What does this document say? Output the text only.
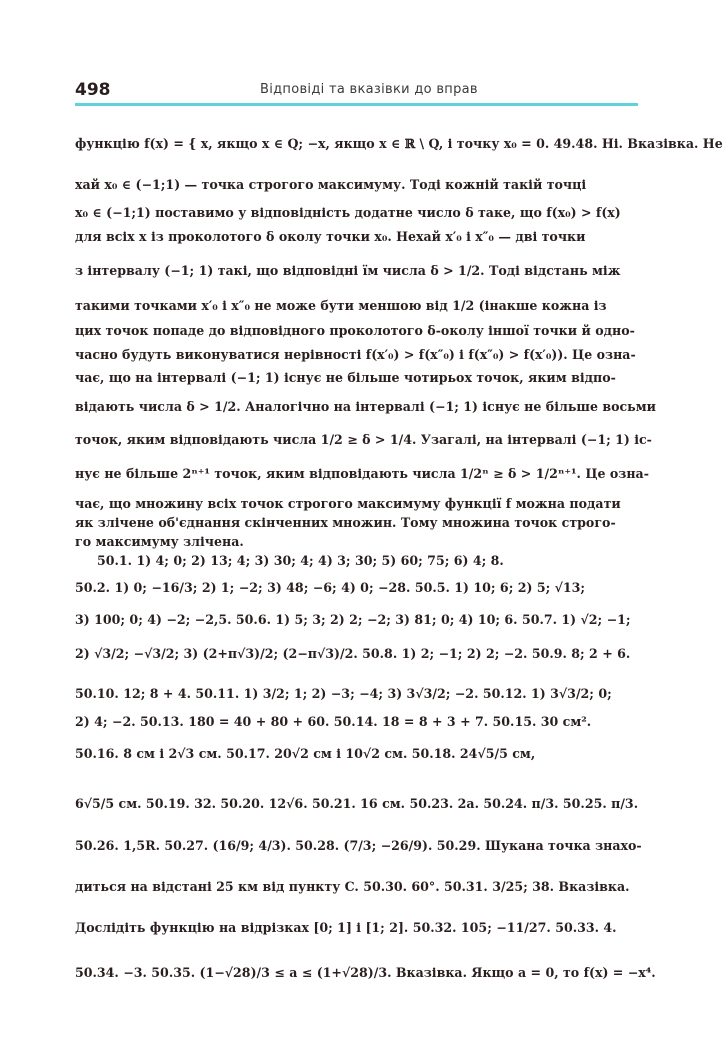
498	Відповіді та вказівки до вправ
функцію f(x) = { x, якщо x ∈ Q; −x, якщо x ∈ ℝ \ Q, і точку x₀ = 0. 49.48. Ні. Вказівка. Не
хай x₀ ∈ (−1;1) — точка строгого максимуму. Тоді кожній такій точці
x₀ ∈ (−1;1) поставимо у відповідність додатне число δ таке, що f(x₀) > f(x)
для всіх x із проколотого δ околу точки x₀. Нехай x′₀ і x″₀ — дві точки
з інтервалу (−1; 1) такі, що відповідні їм числа δ > 1/2. Тоді відстань між
такими точками x′₀ і x″₀ не може бути меншою від 1/2 (інакше кожна із
цих точок попаде до відповідного проколотого δ-околу іншої точки й одно-
часно будуть виконуватися нерівності f(x′₀) > f(x″₀) і f(x″₀) > f(x′₀)). Це озна-
чає, що на інтервалі (−1; 1) існує не більше чотирьох точок, яким відпо-
відають числа δ > 1/2. Аналогічно на інтервалі (−1; 1) існує не більше восьми
точок, яким відповідають числа 1/2 ≥ δ > 1/4. Узагалі, на інтервалі (−1; 1) іс-
нує не більше 2ⁿ⁺¹ точок, яким відповідають числа 1/2ⁿ ≥ δ > 1/2ⁿ⁺¹. Це озна-
чає, що множину всіх точок строгого максимуму функції f можна подати
як злічене об'єднання скінченних множин. Тому множина точок строго-
го максимуму злічена.
50.1. 1) 4; 0; 2) 13; 4; 3) 30; 4; 4) 3; 30; 5) 60; 75; 6) 4; 8.
50.2. 1) 0; −16/3; 2) 1; −2; 3) 48; −6; 4) 0; −28. 50.5. 1) 10; 6; 2) 5; √13;
3) 100; 0; 4) −2; −2,5. 50.6. 1) 5; 3; 2) 2; −2; 3) 81; 0; 4) 10; 6. 50.7. 1) √2; −1;
2) √3/2; −√3/2; 3) (2+π√3)/2; (2−π√3)/2. 50.8. 1) 2; −1; 2) 2; −2. 50.9. 8; 2 + 6.
50.10. 12; 8 + 4. 50.11. 1) 3/2; 1; 2) −3; −4; 3) 3√3/2; −2. 50.12. 1) 3√3/2; 0;
2) 4; −2. 50.13. 180 = 40 + 80 + 60. 50.14. 18 = 8 + 3 + 7. 50.15. 30 см².
50.16. 8 см і 2√3 см. 50.17. 20√2 см і 10√2 см. 50.18. 24√5/5 см,
6√5/5 см. 50.19. 32. 50.20. 12√6. 50.21. 16 см. 50.23. 2a. 50.24. π/3. 50.25. π/3.
50.26. 1,5R. 50.27. (16/9; 4/3). 50.28. (7/3; −26/9). 50.29. Шукана точка знахо-
диться на відстані 25 км від пункту C. 50.30. 60°. 50.31. 3/25; 38. Вказівка.
Дослідіть функцію на відрізках [0; 1] і [1; 2]. 50.32. 105; −11/27. 50.33. 4.
50.34. −3. 50.35. (1−√28)/3 ≤ a ≤ (1+√28)/3. Вказівка. Якщо a = 0, то f(x) = −x⁴.
